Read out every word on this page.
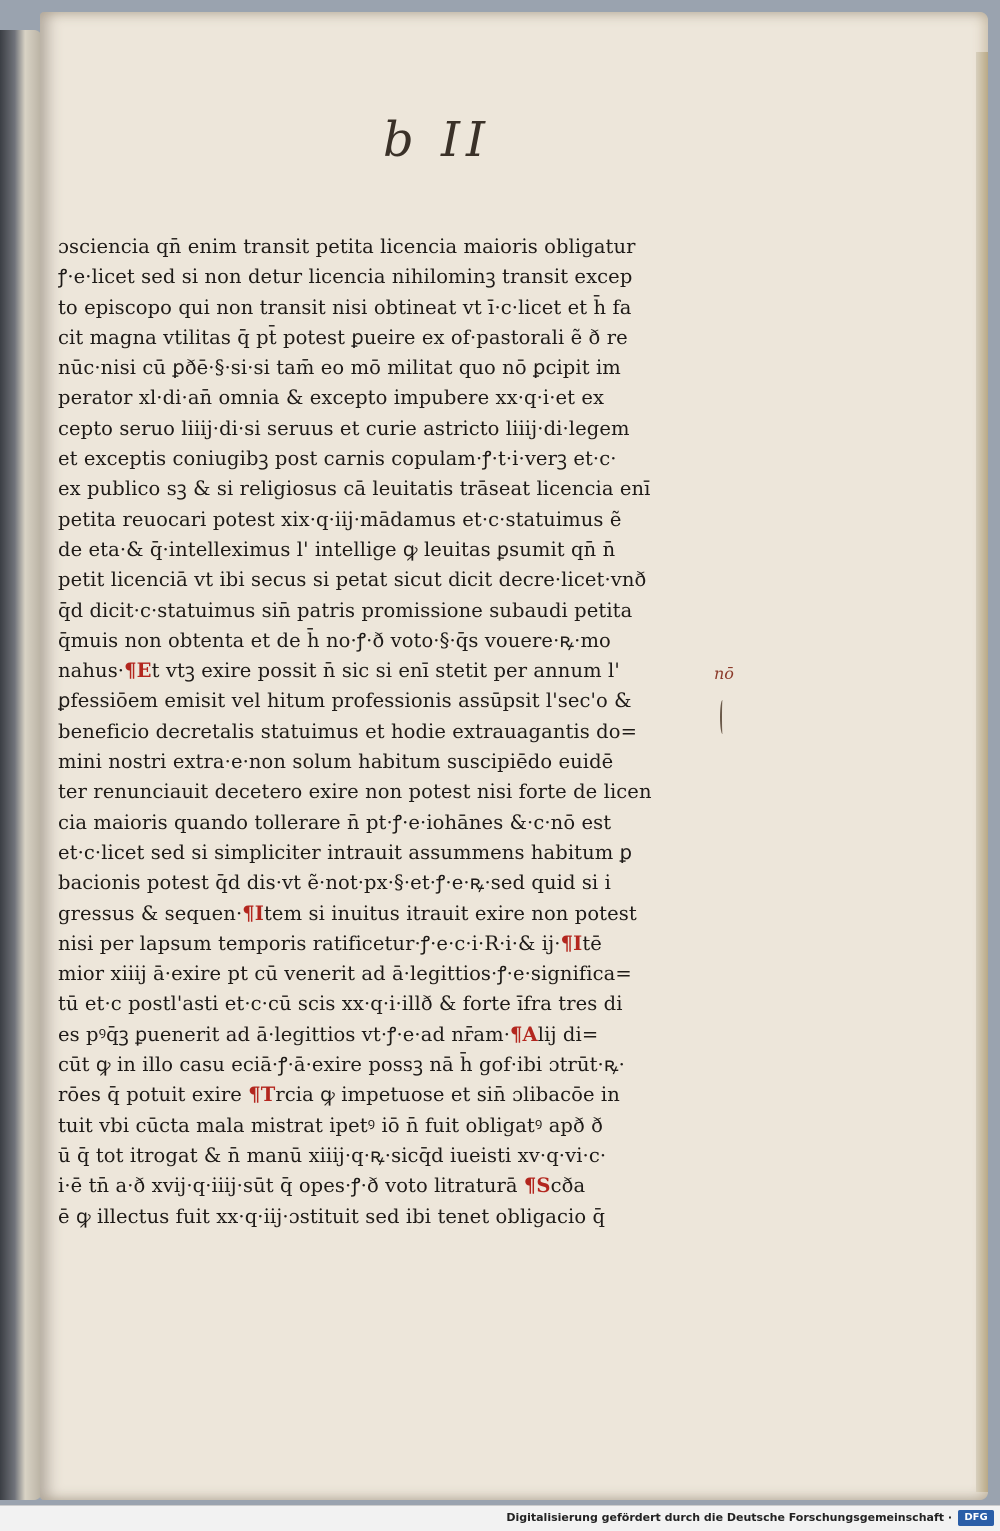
b II
ɔsciencia qn̄ enim transit petita licencia maioris obligatur
ꝭ·e·licet sed si non detur licencia nihilominꝫ transit excep
to episcopo qui non transit nisi obtineat vt ī·c·licet et h̄ fa
cit magna vtilitas q̄ pt̄ potest ꝑueire ex of·pastorali ẽ ð re
nūc·nisi cū ꝑðē·§·si·si tam̄ eo mō militat quo nō ꝑcipit im
perator xl·di·an̄ omnia & excepto impubere xx·q·i·et ex
cepto seruo liiij·di·si seruus et curie astricto liiij·di·legem
et exceptis coniugibꝫ post carnis copulam·ꝭ·t·i·verꝫ et·c·
ex publico sꝫ & si religiosus cā leuitatis trāseat licencia enī
petita reuocari potest xix·q·iij·mādamus et·c·statuimus ẽ
de eta·& q̄·intelleximus l' intellige ꝙ leuitas ꝑsumit qn̄ n̄
petit licenciā vt ibi secus si petat sicut dicit decre·licet·vnð
q̄d dicit·c·statuimus sin̄ patris promissione subaudi petita
q̄muis non obtenta et de h̄ no·ꝭ·ð voto·§·q̄s vouere·ꝶ·mo
nahus·¶Et vtꝫ exire possit n̄ sic si enī stetit per annum l'
ꝑfessiōem emisit vel hitum professionis assūpsit l'sec'o &
beneficio decretalis statuimus et hodie extrauagantis do=
mini nostri extra·e·non solum habitum suscipiēdo euidē
ter renunciauit decetero exire non potest nisi forte de licen
cia maioris quando tollerare n̄ pt·ꝭ·e·iohānes &·c·nō est
et·c·licet sed si simpliciter intrauit assummens habitum ꝑ
bacionis potest q̄d dis·vt ẽ·not·px·§·et·ꝭ·e·ꝶ·sed quid si i
gressus & sequen·¶Item si inuitus itrauit exire non potest
nisi per lapsum temporis ratificetur·ꝭ·e·c·i·R·i·& ij·¶Itē
mior xiiij ā·exire pt cū venerit ad ā·legittios·ꝭ·e·significa=
tū et·c postl'asti et·c·cū scis xx·q·i·illð & forte īfra tres di
es pꝰq̄ꝫ ꝑuenerit ad ā·legittios vt·ꝭ·e·ad nr̄am·¶Alij di=
cūt ꝙ in illo casu eciā·ꝭ·ā·exire possꝫ nā h̄ gof·ibi ɔtrūt·ꝶ·
rōes q̄ potuit exire ¶Trcia ꝙ impetuose et sin̄ ɔlibacōe in
tuit vbi cūcta mala mistrat ipetꝰ iō n̄ fuit obligatꝰ apð ð
ū q̄ tot itrogat & n̄ manū xiiij·q·ꝶ·sicq̄d iueisti xv·q·vi·c·
i·ē tn̄ a·ð xvij·q·iiij·sūt q̄ opes·ꝭ·ð voto litraturā ¶Scða
ē ꝙ illectus fuit xx·q·iij·ɔstituit sed ibi tenet obligacio q̄
nō
Digitalisierung gefördert durch die Deutsche Forschungsgemeinschaft ·	DFG
